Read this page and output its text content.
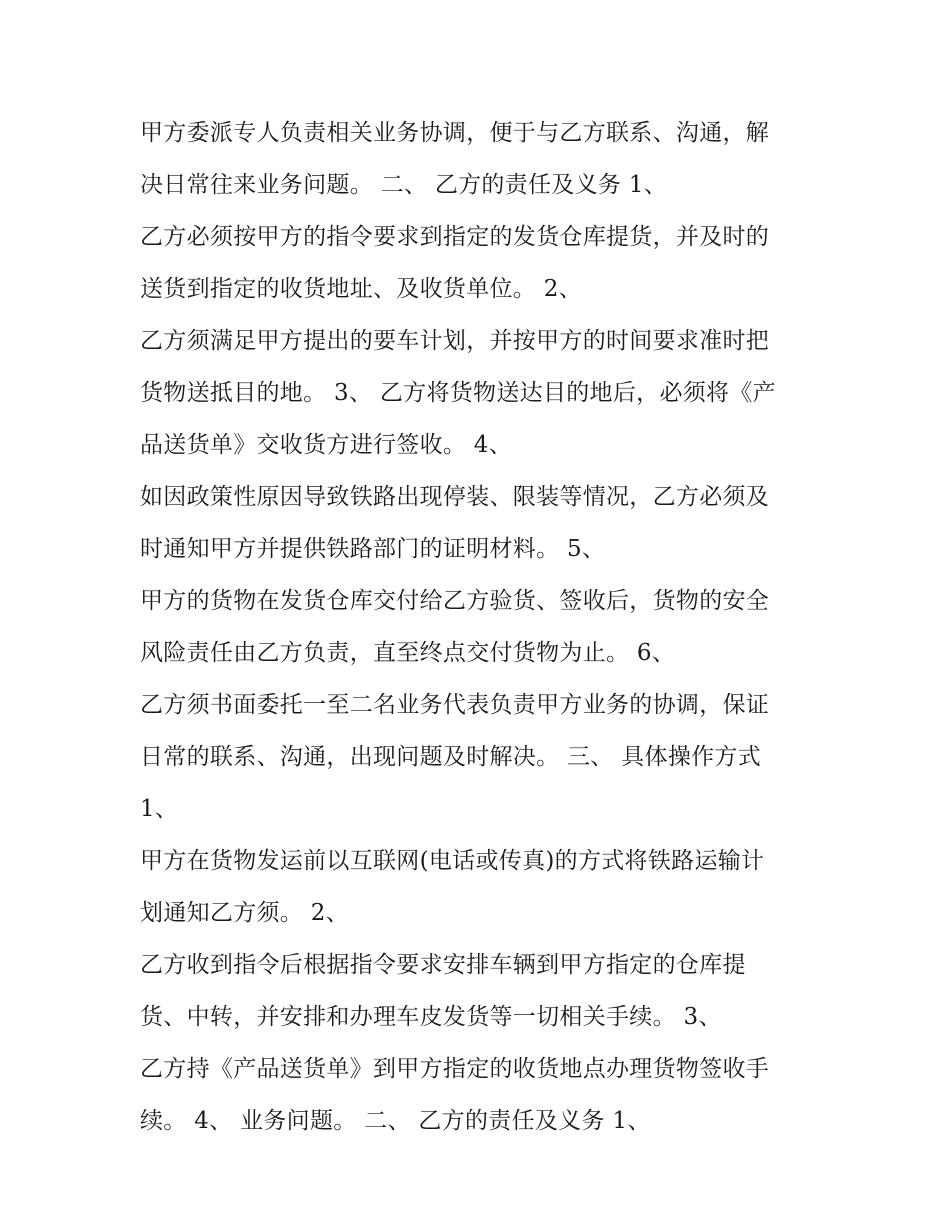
甲方委派专人负责相关业务协调，便于与乙方联系、沟通，解
决日常往来业务问题。 二、 乙方的责任及义务 1、
乙方必须按甲方的指令要求到指定的发货仓库提货，并及时的
送货到指定的收货地址、及收货单位。 2、
乙方须满足甲方提出的要车计划，并按甲方的时间要求准时把
货物送抵目的地。 3、 乙方将货物送达目的地后，必须将《产
品送货单》交收货方进行签收。 4、
如因政策性原因导致铁路出现停装、限装等情况，乙方必须及
时通知甲方并提供铁路部门的证明材料。 5、
甲方的货物在发货仓库交付给乙方验货、签收后，货物的安全
风险责任由乙方负责，直至终点交付货物为止。 6、
乙方须书面委托一至二名业务代表负责甲方业务的协调，保证
日常的联系、沟通，出现问题及时解决。 三、 具体操作方式
1、
甲方在货物发运前以互联网(电话或传真)的方式将铁路运输计
划通知乙方须。 2、
乙方收到指令后根据指令要求安排车辆到甲方指定的仓库提
货、中转，并安排和办理车皮发货等一切相关手续。 3、
乙方持《产品送货单》到甲方指定的收货地点办理货物签收手
续。 4、 业务问题。 二、 乙方的责任及义务 1、
